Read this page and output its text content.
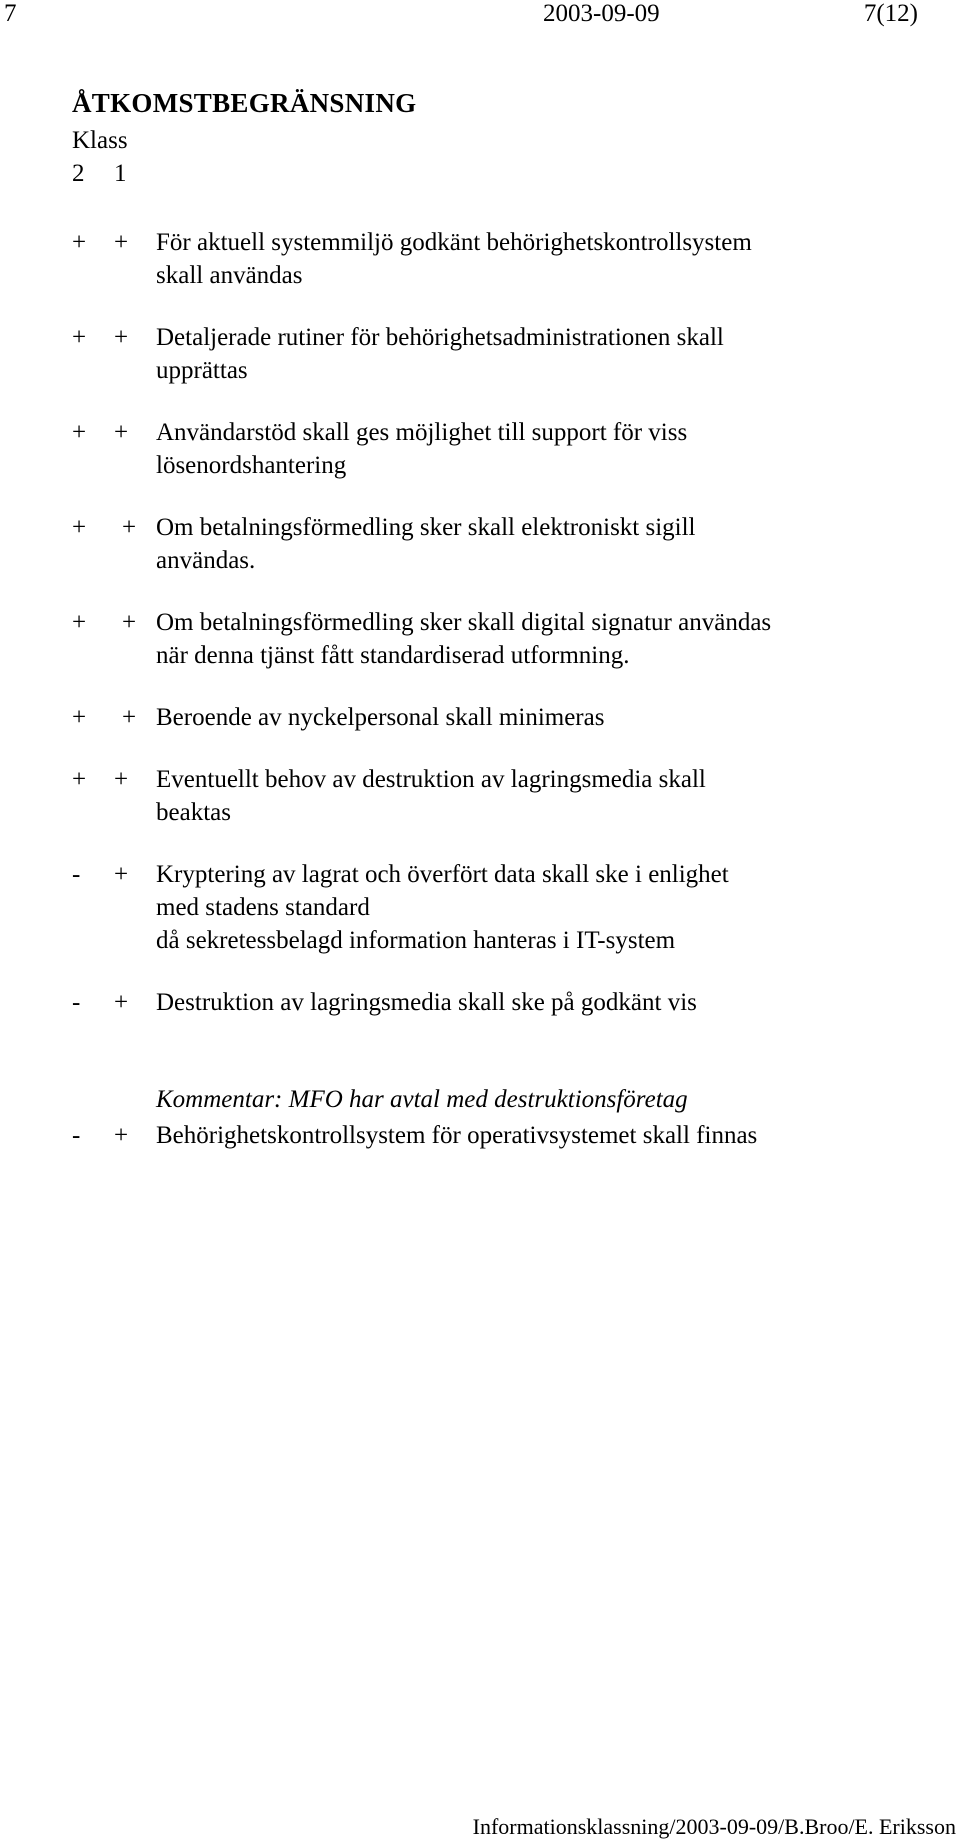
7	2003-09-09	7(12)
ÅTKOMSTBEGRÄNSNING
Klass
2 1
+	+	För aktuell systemmiljö godkänt behörighetskontrollsystem
skall användas
+	+	Detaljerade rutiner för behörighetsadministrationen skall
upprättas
+	+	Användarstöd skall ges möjlighet till support för viss
lösenordshantering
+	+ Om betalningsförmedling sker skall elektroniskt sigill
användas.
+	+ Om betalningsförmedling sker skall digital signatur användas
när denna tjänst fått standardiserad utformning.
+	+ Beroende av nyckelpersonal skall minimeras
+	+	Eventuellt behov av destruktion av lagringsmedia skall
beaktas
-	+	Kryptering av lagrat och överfört data skall ske i enlighet
med stadens standard
då sekretessbelagd information hanteras i IT-system
-	+	Destruktion av lagringsmedia skall ske på godkänt vis
-	+	Behörighetskontrollsystem för operativsystemet skall finnas
Kommentar: MFO har avtal med destruktionsföretag
Informationsklassning/2003-09-09/B.Broo/E. Eriksson
